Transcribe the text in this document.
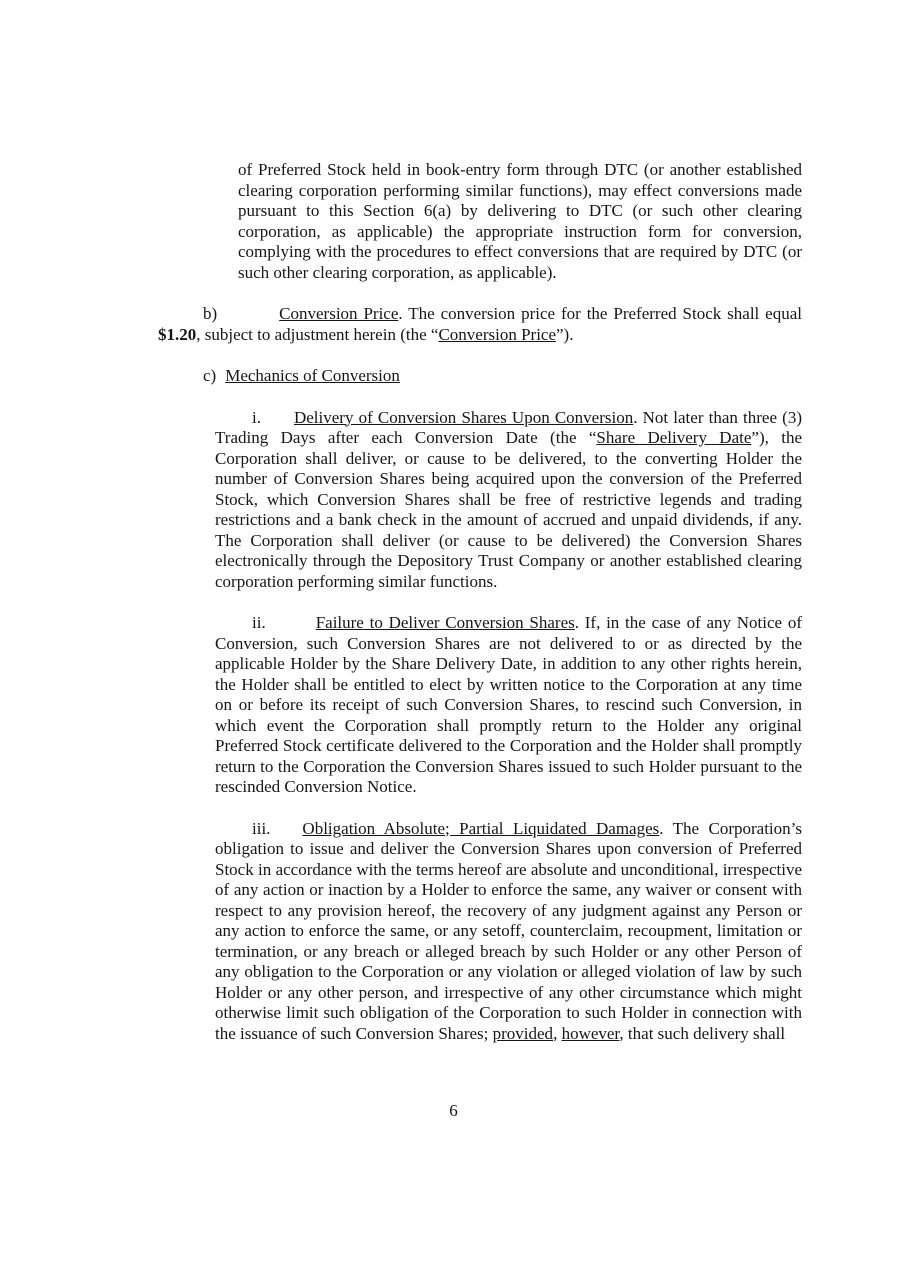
of Preferred Stock held in book-entry form through DTC (or another established clearing corporation performing similar functions), may effect conversions made pursuant to this Section 6(a) by delivering to DTC (or such other clearing corporation, as applicable) the appropriate instruction form for conversion, complying with the procedures to effect conversions that are required by DTC (or such other clearing corporation, as applicable).

b)	Conversion Price. The conversion price for the Preferred Stock shall equal $1.20, subject to adjustment herein (the “Conversion Price”).

c) Mechanics of Conversion

i. Delivery of Conversion Shares Upon Conversion. Not later than three (3) Trading Days after each Conversion Date (the “Share Delivery Date”), the Corporation shall deliver, or cause to be delivered, to the converting Holder the number of Conversion Shares being acquired upon the conversion of the Preferred Stock, which Conversion Shares shall be free of restrictive legends and trading restrictions and a bank check in the amount of accrued and unpaid dividends, if any. The Corporation shall deliver (or cause to be delivered) the Conversion Shares electronically through the Depository Trust Company or another established clearing corporation performing similar functions.

ii.	Failure to Deliver Conversion Shares. If, in the case of any Notice of Conversion, such Conversion Shares are not delivered to or as directed by the applicable Holder by the Share Delivery Date, in addition to any other rights herein, the Holder shall be entitled to elect by written notice to the Corporation at any time on or before its receipt of such Conversion Shares, to rescind such Conversion, in which event the Corporation shall promptly return to the Holder any original Preferred Stock certificate delivered to the Corporation and the Holder shall promptly return to the Corporation the Conversion Shares issued to such Holder pursuant to the rescinded Conversion Notice.

iii. Obligation Absolute; Partial Liquidated Damages. The Corporation’s obligation to issue and deliver the Conversion Shares upon conversion of Preferred Stock in accordance with the terms hereof are absolute and unconditional, irrespective of any action or inaction by a Holder to enforce the same, any waiver or consent with respect to any provision hereof, the recovery of any judgment against any Person or any action to enforce the same, or any setoff, counterclaim, recoupment, limitation or termination, or any breach or alleged breach by such Holder or any other Person of any obligation to the Corporation or any violation or alleged violation of law by such Holder or any other person, and irrespective of any other circumstance which might otherwise limit such obligation of the Corporation to such Holder in connection with the issuance of such Conversion Shares; provided, however, that such delivery shall

6
